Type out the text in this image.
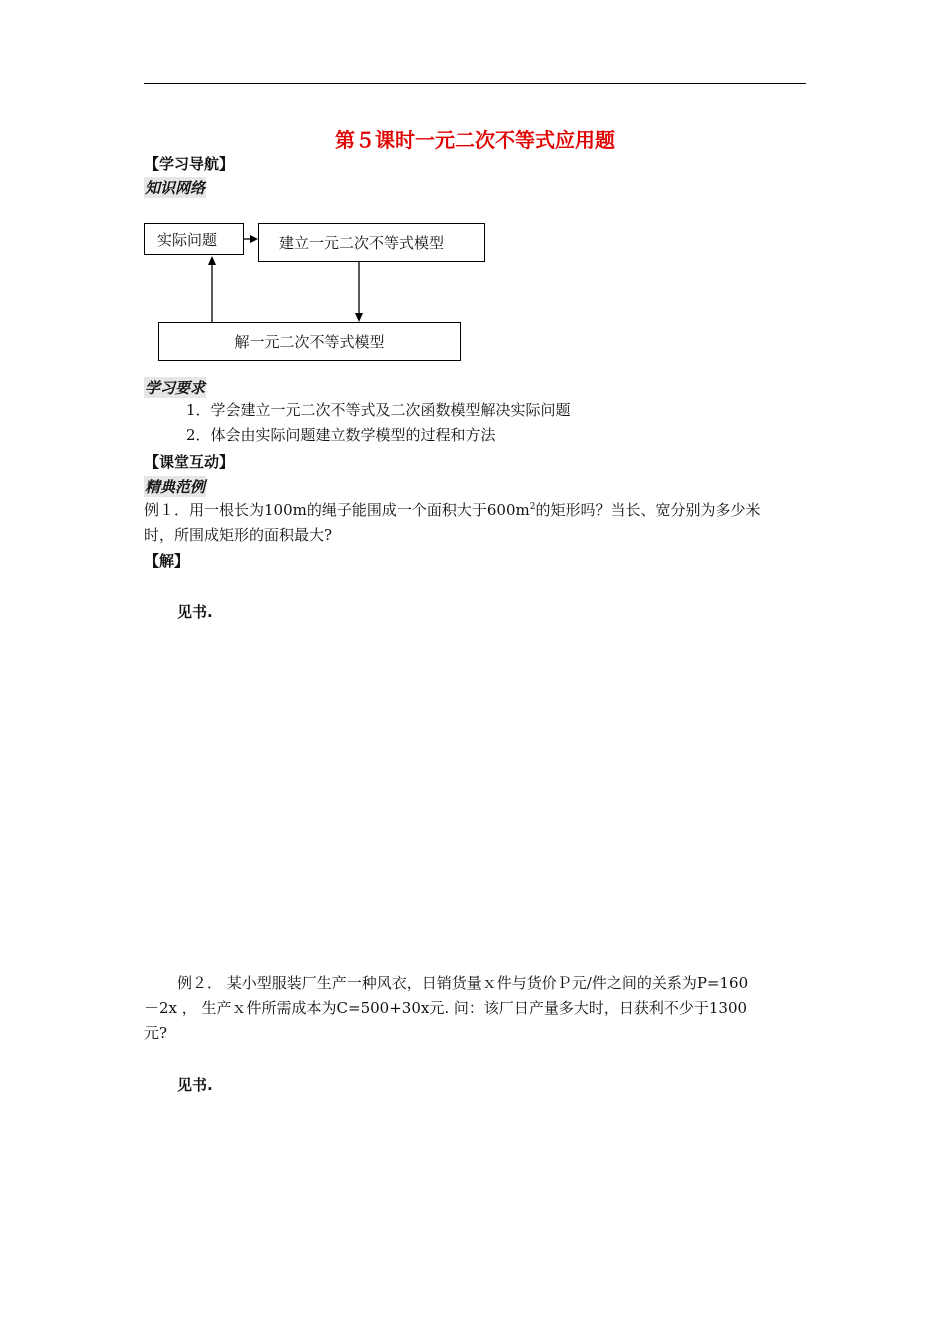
第５课时一元二次不等式应用题
【学习导航】
知识网络
实际问题	建立一元二次不等式模型
解一元二次不等式模型
学习要求
1．学会建立一元二次不等式及二次函数模型解决实际问题
2．体会由实际问题建立数学模型的过程和方法
【课堂互动】
精典范例
例１．用一根长为100m的绳子能围成一个面积大于$600m^2$的矩形吗？当长、宽分别为多少米
时，所围成矩形的面积最大?
【解】
见书.
例２． 某小型服装厂生产一种风衣，日销货量ｘ件与货价Ｐ元/件之间的关系为P=160
－2x ， 生产ｘ件所需成本为C=500+30x元. 问：该厂日产量多大时，日获利不少于1300
元?
见书.
